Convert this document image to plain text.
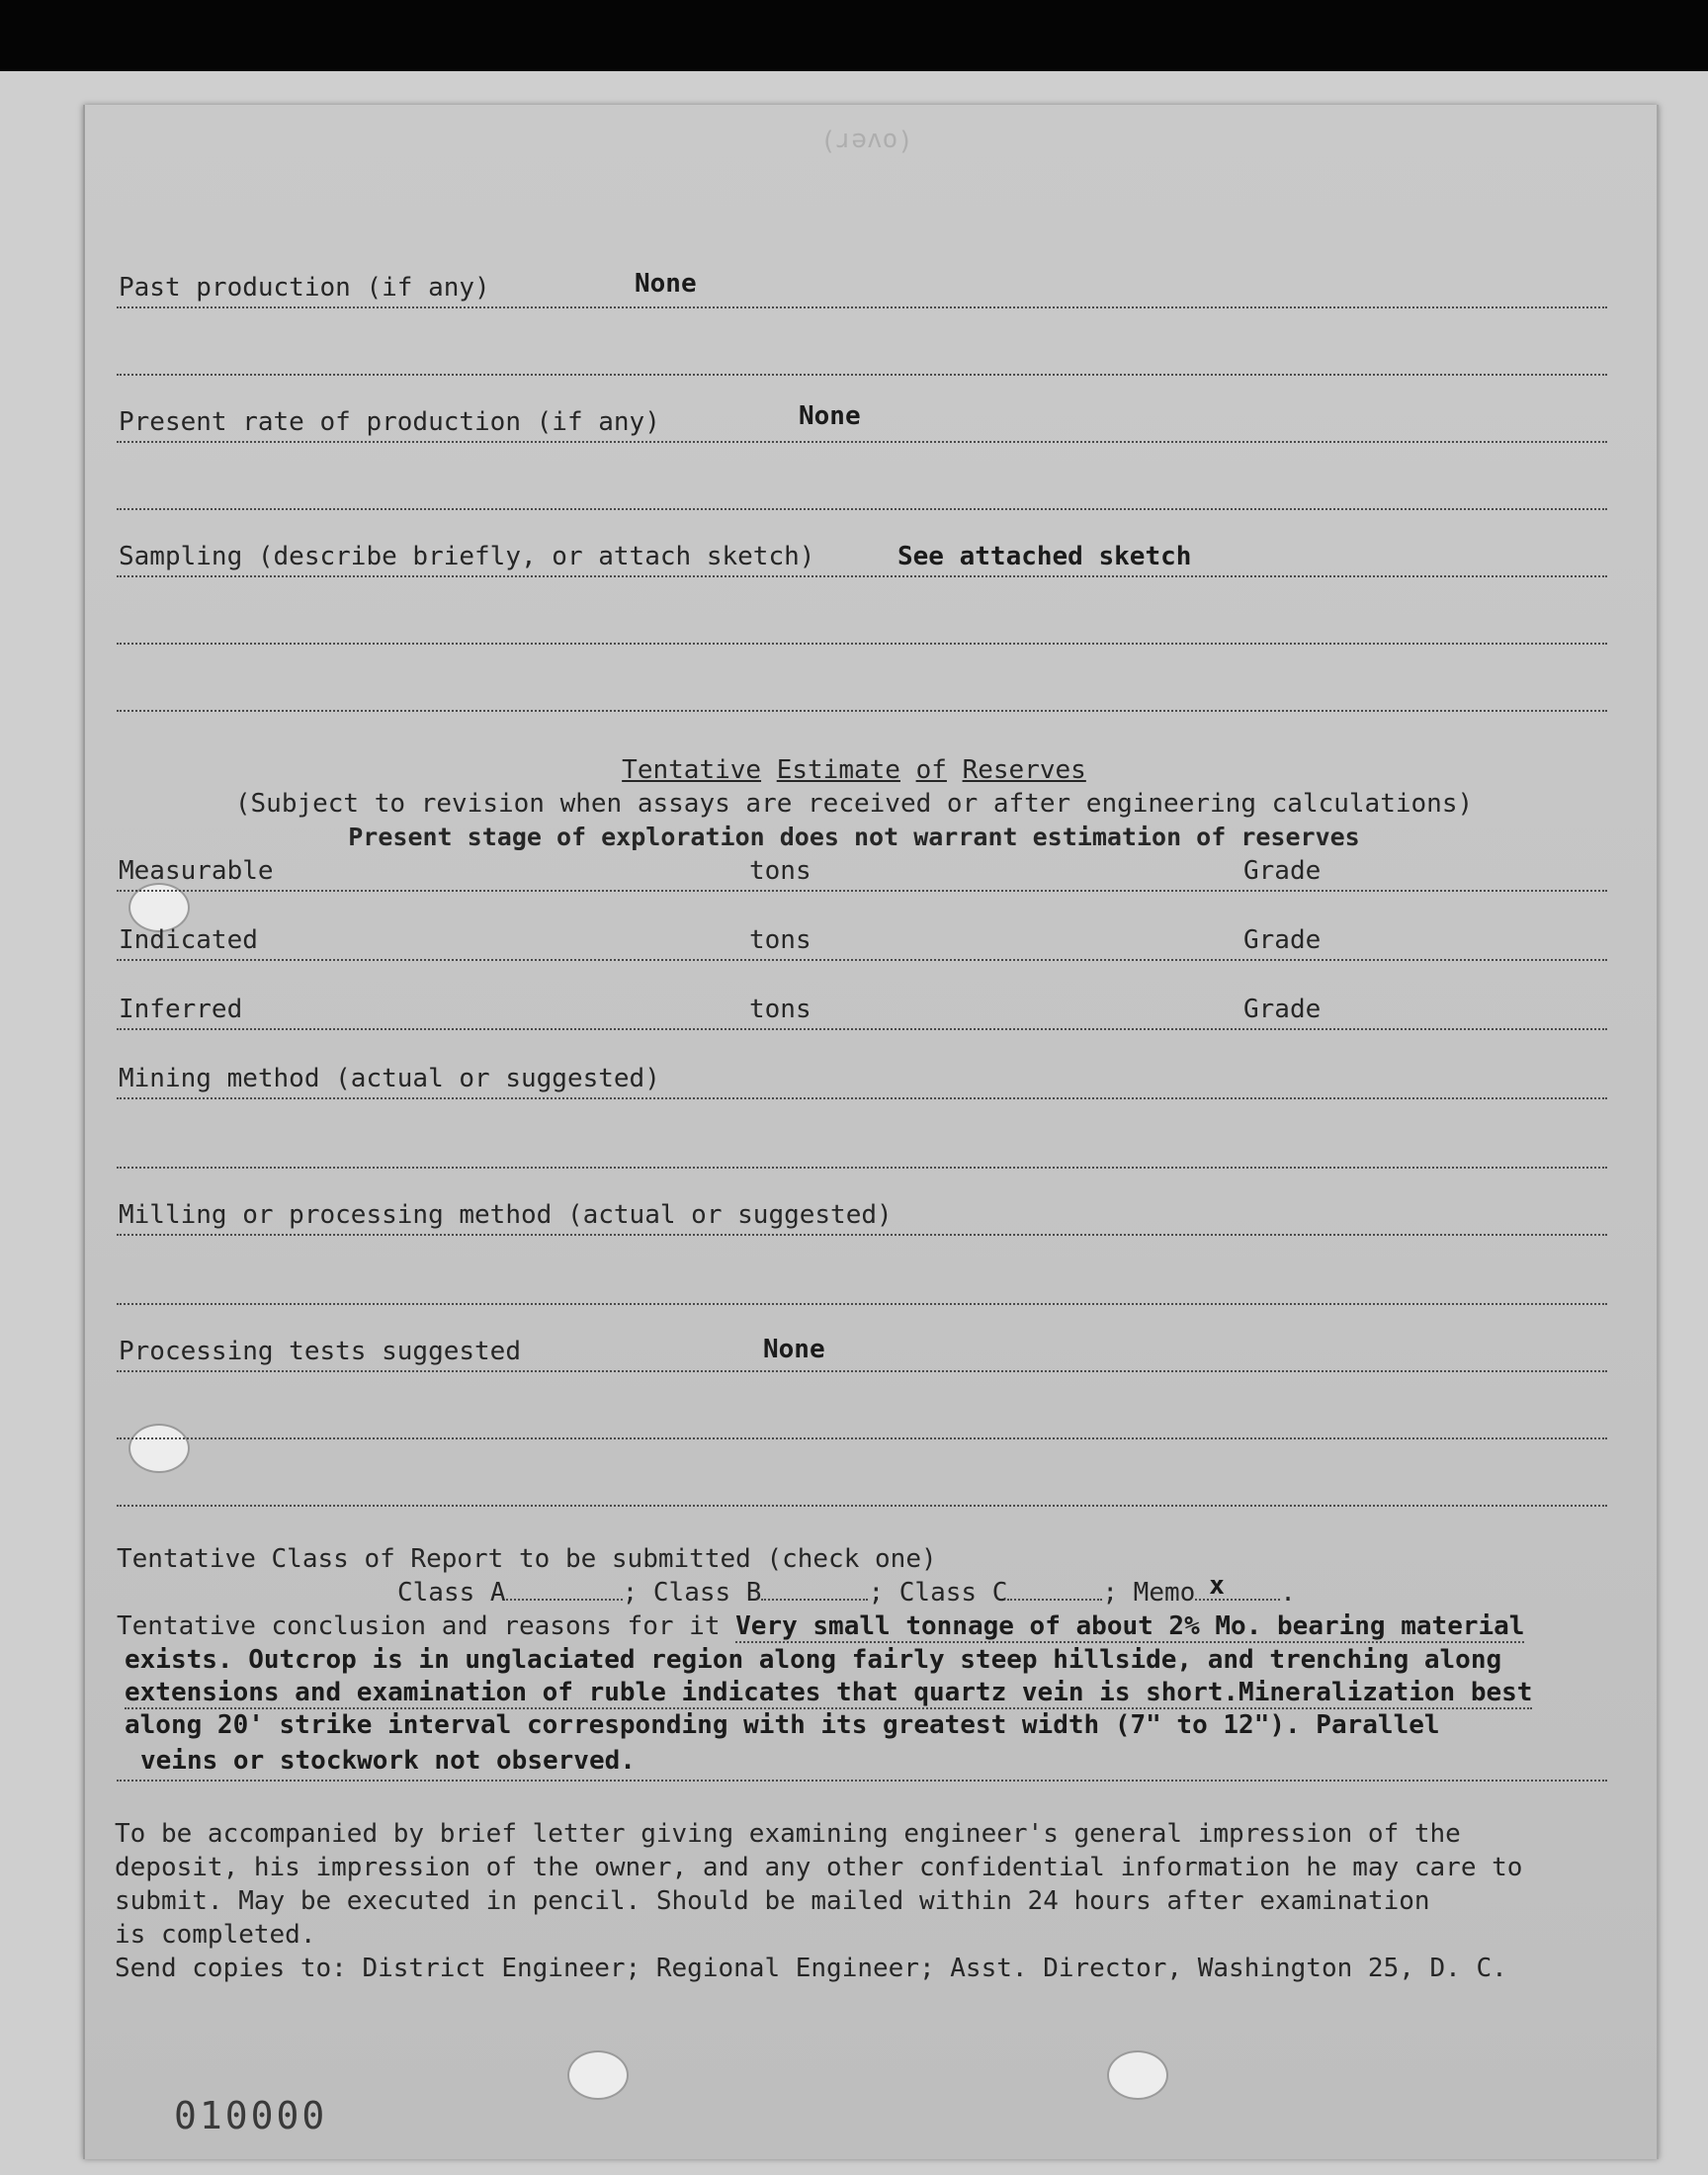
(over)
Past production (if any)	None
Present rate of production (if any)	None
Sampling (describe briefly, or attach sketch)	See attached sketch
Tentative Estimate of Reserves
(Subject to revision when assays are received or after engineering calculations)
Present stage of exploration does not warrant estimation of reserves
Measurable	tons	Grade
Indicated	tons	Grade
Inferred	tons	Grade
Mining method (actual or suggested)
Milling or processing method (actual or suggested)
Processing tests suggested	None
Tentative Class of Report to be submitted (check one)
Class A	; Class B	; Class C	; Memo x .
Tentative conclusion and reasons for it Very small tonnage of about 2% Mo. bearing material
exists. Outcrop is in unglaciated region along fairly steep hillside, and trenching along
extensions and examination of ruble indicates that quartz vein is short.Mineralization best
along 20' strike interval corresponding with its greatest width (7" to 12"). Parallel
veins or stockwork not observed.
To be accompanied by brief letter giving examining engineer's general impression of the
deposit, his impression of the owner, and any other confidential information he may care to
submit. May be executed in pencil. Should be mailed within 24 hours after examination
is completed.
Send copies to: District Engineer; Regional Engineer; Asst. Director, Washington 25, D. C.
010000
